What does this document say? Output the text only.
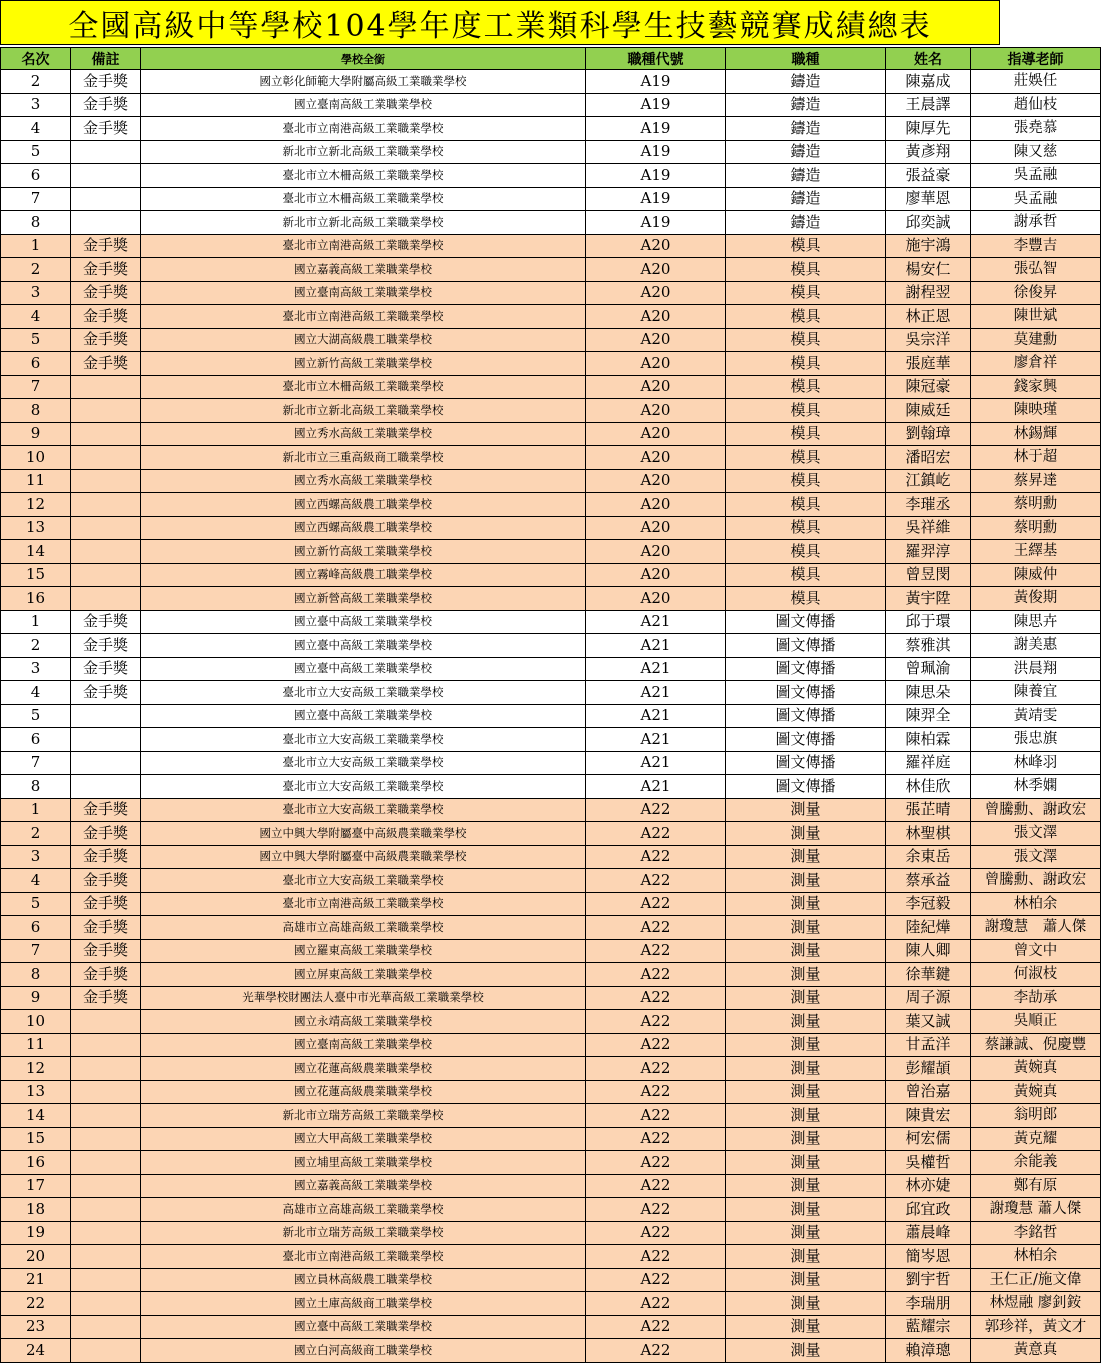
全國高級中等學校104學年度工業類科學生技藝競賽成績總表
名次	備註	學校全銜	職種代號	職種	姓名	指導老師
2	金手獎	國立彰化師範大學附屬高級工業職業學校	A19	鑄造	陳嘉成	莊娛任
3	金手獎	國立臺南高級工業職業學校	A19	鑄造	王晨譯	趙仙枝
4	金手獎	臺北市立南港高級工業職業學校	A19	鑄造	陳厚先	張堯慕
5		新北市立新北高級工業職業學校	A19	鑄造	黃彥翔	陳又慈
6		臺北市立木柵高級工業職業學校	A19	鑄造	張益豪	吳孟融
7		臺北市立木柵高級工業職業學校	A19	鑄造	廖華恩	吳孟融
8		新北市立新北高級工業職業學校	A19	鑄造	邱奕誠	謝承哲
1	金手獎	臺北市立南港高級工業職業學校	A20	模具	施宇鴻	李豐吉
2	金手獎	國立嘉義高級工業職業學校	A20	模具	楊安仁	張弘智
3	金手獎	國立臺南高級工業職業學校	A20	模具	謝程翌	徐俊昇
4	金手獎	臺北市立南港高級工業職業學校	A20	模具	林正恩	陳世斌
5	金手獎	國立大湖高級農工職業學校	A20	模具	吳宗洋	莫建勳
6	金手獎	國立新竹高級工業職業學校	A20	模具	張庭華	廖倉祥
7		臺北市立木柵高級工業職業學校	A20	模具	陳冠豪	錢家興
8		新北市立新北高級工業職業學校	A20	模具	陳威廷	陳映瑾
9		國立秀水高級工業職業學校	A20	模具	劉翰璋	林錫輝
10		新北市立三重高級商工職業學校	A20	模具	潘昭宏	林于超
11		國立秀水高級工業職業學校	A20	模具	江鎮屹	蔡昇達
12		國立西螺高級農工職業學校	A20	模具	李璀丞	蔡明勳
13		國立西螺高級農工職業學校	A20	模具	吳祥維	蔡明勳
14		國立新竹高級工業職業學校	A20	模具	羅羿淳	王繹基
15		國立霧峰高級農工職業學校	A20	模具	曾昱閔	陳威仲
16		國立新營高級工業職業學校	A20	模具	黃宇陞	黃俊期
1	金手獎	國立臺中高級工業職業學校	A21	圖文傳播	邱于環	陳思卉
2	金手獎	國立臺中高級工業職業學校	A21	圖文傳播	蔡雅淇	謝美惠
3	金手獎	國立臺中高級工業職業學校	A21	圖文傳播	曾珮渝	洪晨翔
4	金手獎	臺北市立大安高級工業職業學校	A21	圖文傳播	陳思朵	陳養宜
5		國立臺中高級工業職業學校	A21	圖文傳播	陳羿全	黃靖雯
6		臺北市立大安高級工業職業學校	A21	圖文傳播	陳柏霖	張忠旗
7		臺北市立大安高級工業職業學校	A21	圖文傳播	羅祥庭	林峰羽
8		臺北市立大安高級工業職業學校	A21	圖文傳播	林佳欣	林季嫻
1	金手獎	臺北市立大安高級工業職業學校	A22	測量	張芷晴	曾騰勳、謝政宏
2	金手獎	國立中興大學附屬臺中高級農業職業學校	A22	測量	林聖棋	張文澤
3	金手獎	國立中興大學附屬臺中高級農業職業學校	A22	測量	余東岳	張文澤
4	金手獎	臺北市立大安高級工業職業學校	A22	測量	蔡承益	曾騰勳、謝政宏
5	金手獎	臺北市立南港高級工業職業學校	A22	測量	李冠毅	林柏余
6	金手獎	高雄市立高雄高級工業職業學校	A22	測量	陸紀燁	謝瓊慧　蕭人傑
7	金手獎	國立羅東高級工業職業學校	A22	測量	陳人卿	曾文中
8	金手獎	國立屏東高級工業職業學校	A22	測量	徐華鍵	何淑枝
9	金手獎	光華學校財團法人臺中市光華高級工業職業學校	A22	測量	周子源	李劼承
10		國立永靖高級工業職業學校	A22	測量	葉又誠	吳順正
11		國立臺南高級工業職業學校	A22	測量	甘孟洋	蔡謙誠、倪慶豐
12		國立花蓮高級農業職業學校	A22	測量	彭耀頡	黃婉真
13		國立花蓮高級農業職業學校	A22	測量	曾治嘉	黃婉真
14		新北市立瑞芳高級工業職業學校	A22	測量	陳貴宏	翁明郎
15		國立大甲高級工業職業學校	A22	測量	柯宏儒	黃克耀
16		國立埔里高級工業職業學校	A22	測量	吳權哲	余能義
17		國立嘉義高級工業職業學校	A22	測量	林亦婕	鄭有原
18		高雄市立高雄高級工業職業學校	A22	測量	邱宜政	謝瓊慧 蕭人傑
19		新北市立瑞芳高級工業職業學校	A22	測量	蕭晨峰	李銘哲
20		臺北市立南港高級工業職業學校	A22	測量	簡岑恩	林柏余
21		國立員林高級農工職業學校	A22	測量	劉宇哲	王仁正/施文偉
22		國立土庫高級商工職業學校	A22	測量	李瑞朋	林煜融 廖釗銨
23		國立臺中高級工業職業學校	A22	測量	藍耀宗	郭珍祥，黃文才
24		國立白河高級商工職業學校	A22	測量	賴漳璁	黃意真
